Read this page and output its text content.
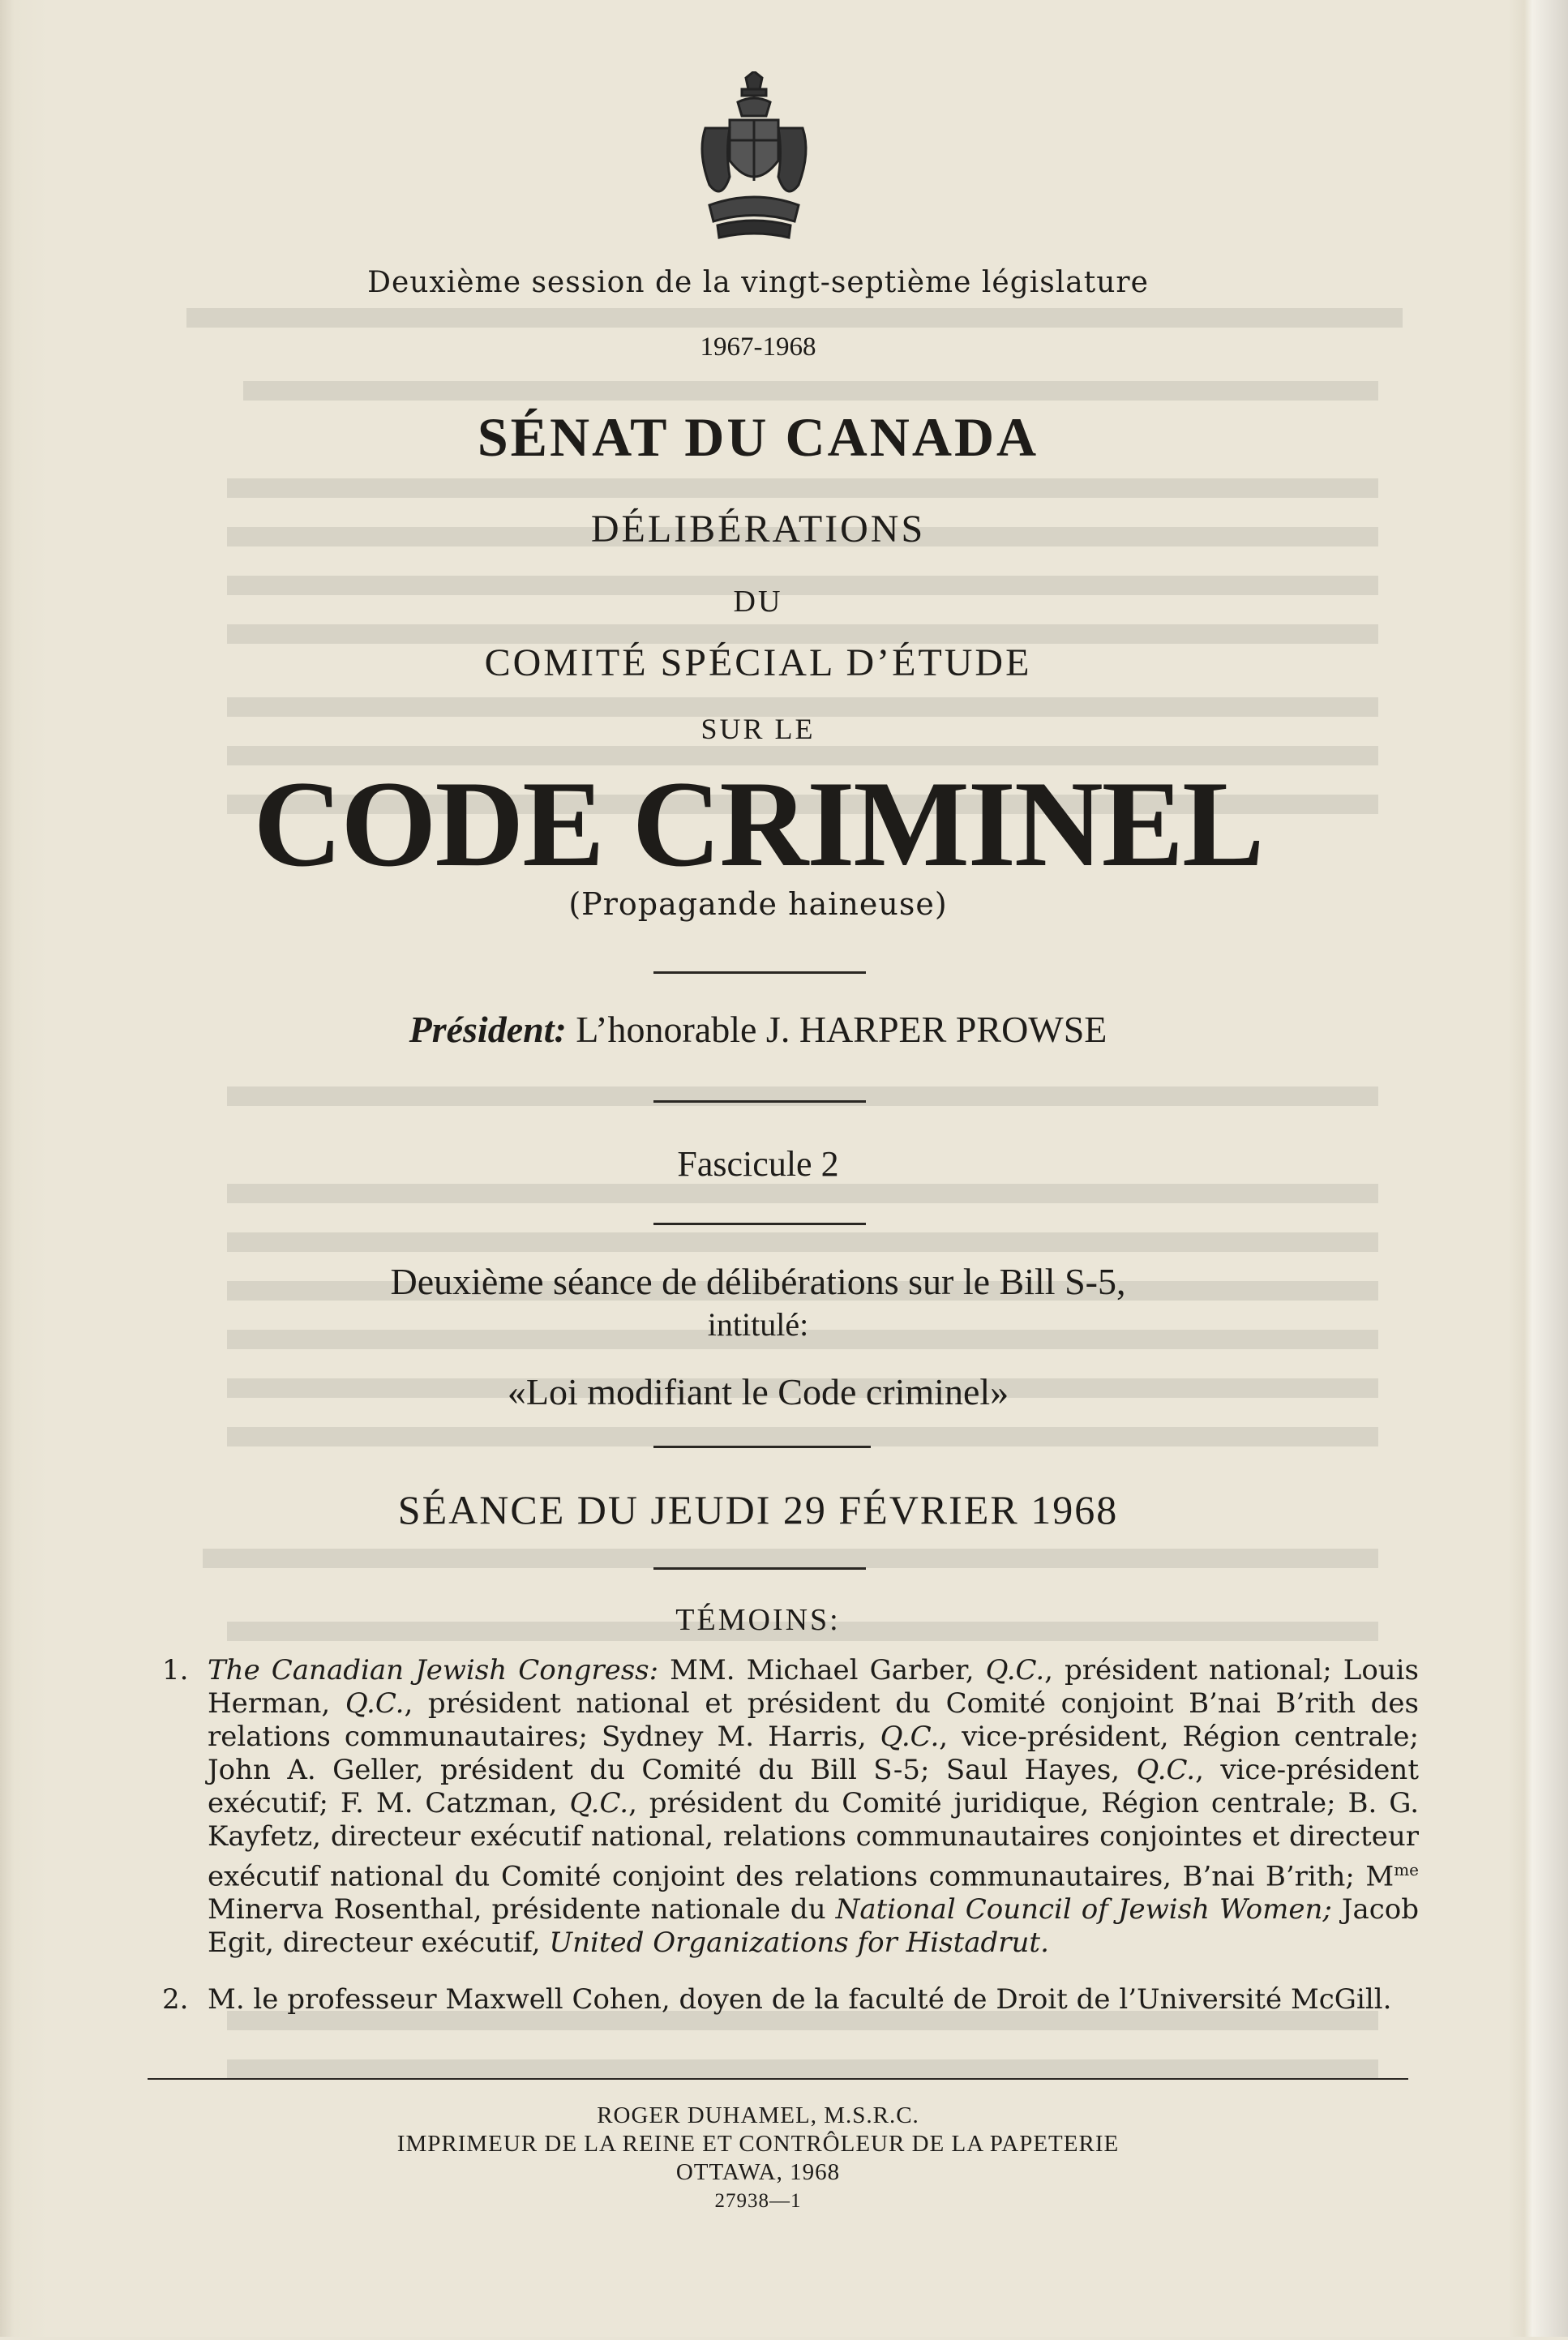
Deuxième session de la vingt-septième législature
1967-1968
SÉNAT DU CANADA
DÉLIBÉRATIONS
DU
COMITÉ SPÉCIAL D’ÉTUDE
SUR LE
CODE CRIMINEL
(Propagande haineuse)
Président: L’honorable J. HARPER PROWSE
Fascicule 2
Deuxième séance de délibérations sur le Bill S-5,
intitulé:
«Loi modifiant le Code criminel»
SÉANCE DU JEUDI 29 FÉVRIER 1968
TÉMOINS:
1. The Canadian Jewish Congress: MM. Michael Garber, Q.C., président national; Louis Herman, Q.C., président national et président du Comité conjoint B’nai B’rith des relations communautaires; Sydney M. Harris, Q.C., vice-président, Région centrale; John A. Geller, président du Comité du Bill S-5; Saul Hayes, Q.C., vice-président exécutif; F. M. Catzman, Q.C., président du Comité juridique, Région centrale; B. G. Kayfetz, directeur exécutif national, relations communautaires conjointes et directeur exécutif national du Comité conjoint des relations communautaires, B’nai B’rith; $M^{me}$ Minerva Rosenthal, présidente nationale du National Council of Jewish Women; Jacob Egit, directeur exécutif, United Organizations for Histadrut.
2. M. le professeur Maxwell Cohen, doyen de la faculté de Droit de l’Université McGill.
ROGER DUHAMEL, M.S.R.C.
IMPRIMEUR DE LA REINE ET CONTRÔLEUR DE LA PAPETERIE
OTTAWA, 1968
27938—1
